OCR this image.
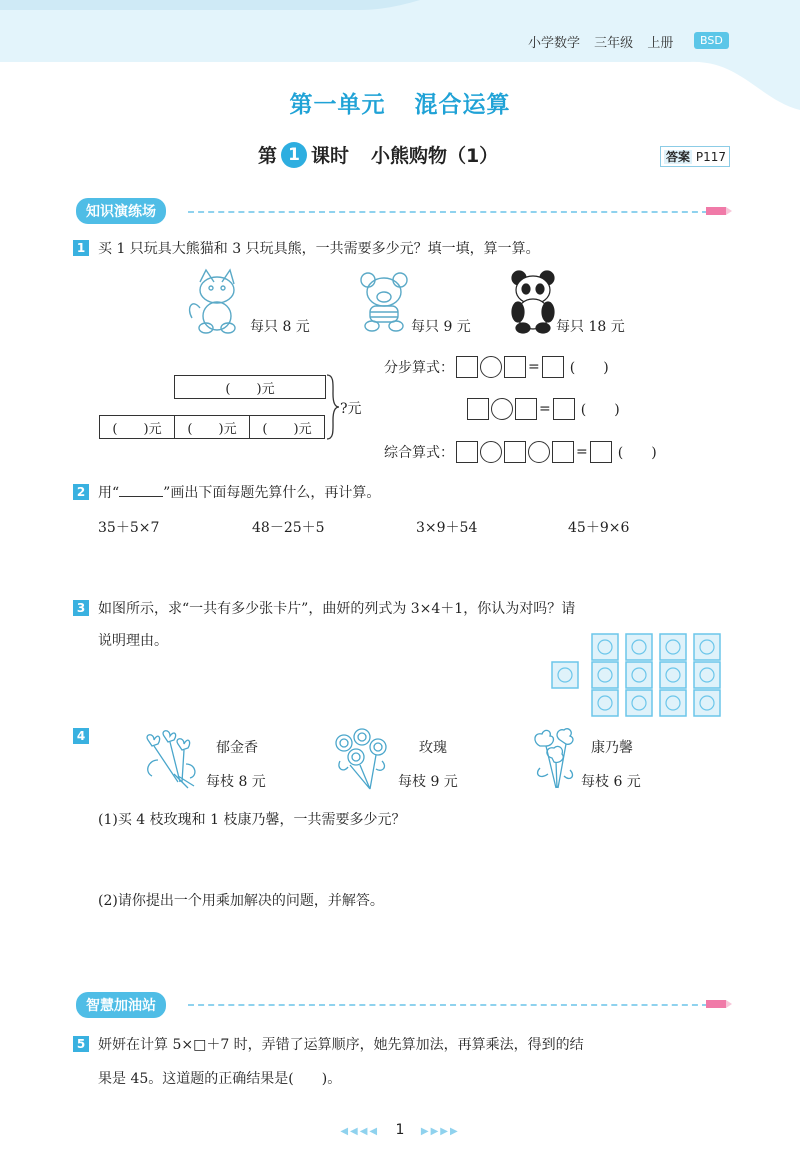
小学数学 三年级 上册	BSD
第一单元 混合运算
第 1 课时 小熊购物（1）	答案 P117
知识演练场
1 买 1 只玩具大熊猫和 3 只玩具熊，一共需要多少元？填一填，算一算。
每只 8 元	每只 9 元	每只 18 元
(　　)元
(　　)元	(　　)元	(　　)元
?元
分步算式：	= (　　)
= (　　)
综合算式：	= (　　)
2 用“	”画出下面每题先算什么，再计算。
35＋5×7	48－25＋5	3×9＋54	45＋9×6
3 如图所示，求“一共有多少张卡片”，曲妍的列式为 3×4＋1，你认为对吗？请
说明理由。
4
郁金香
每枝 8 元
玫瑰
每枝 9 元
康乃馨
每枝 6 元
(1)买 4 枝玫瑰和 1 枝康乃馨，一共需要多少元？
(2)请你提出一个用乘加解决的问题，并解答。
智慧加油站
5 妍妍在计算 5×□＋7 时，弄错了运算顺序，她先算加法，再算乘法，得到的结
果是 45。这道题的正确结果是(　　)。
◀◀◀◀ 1 ▶▶▶▶
